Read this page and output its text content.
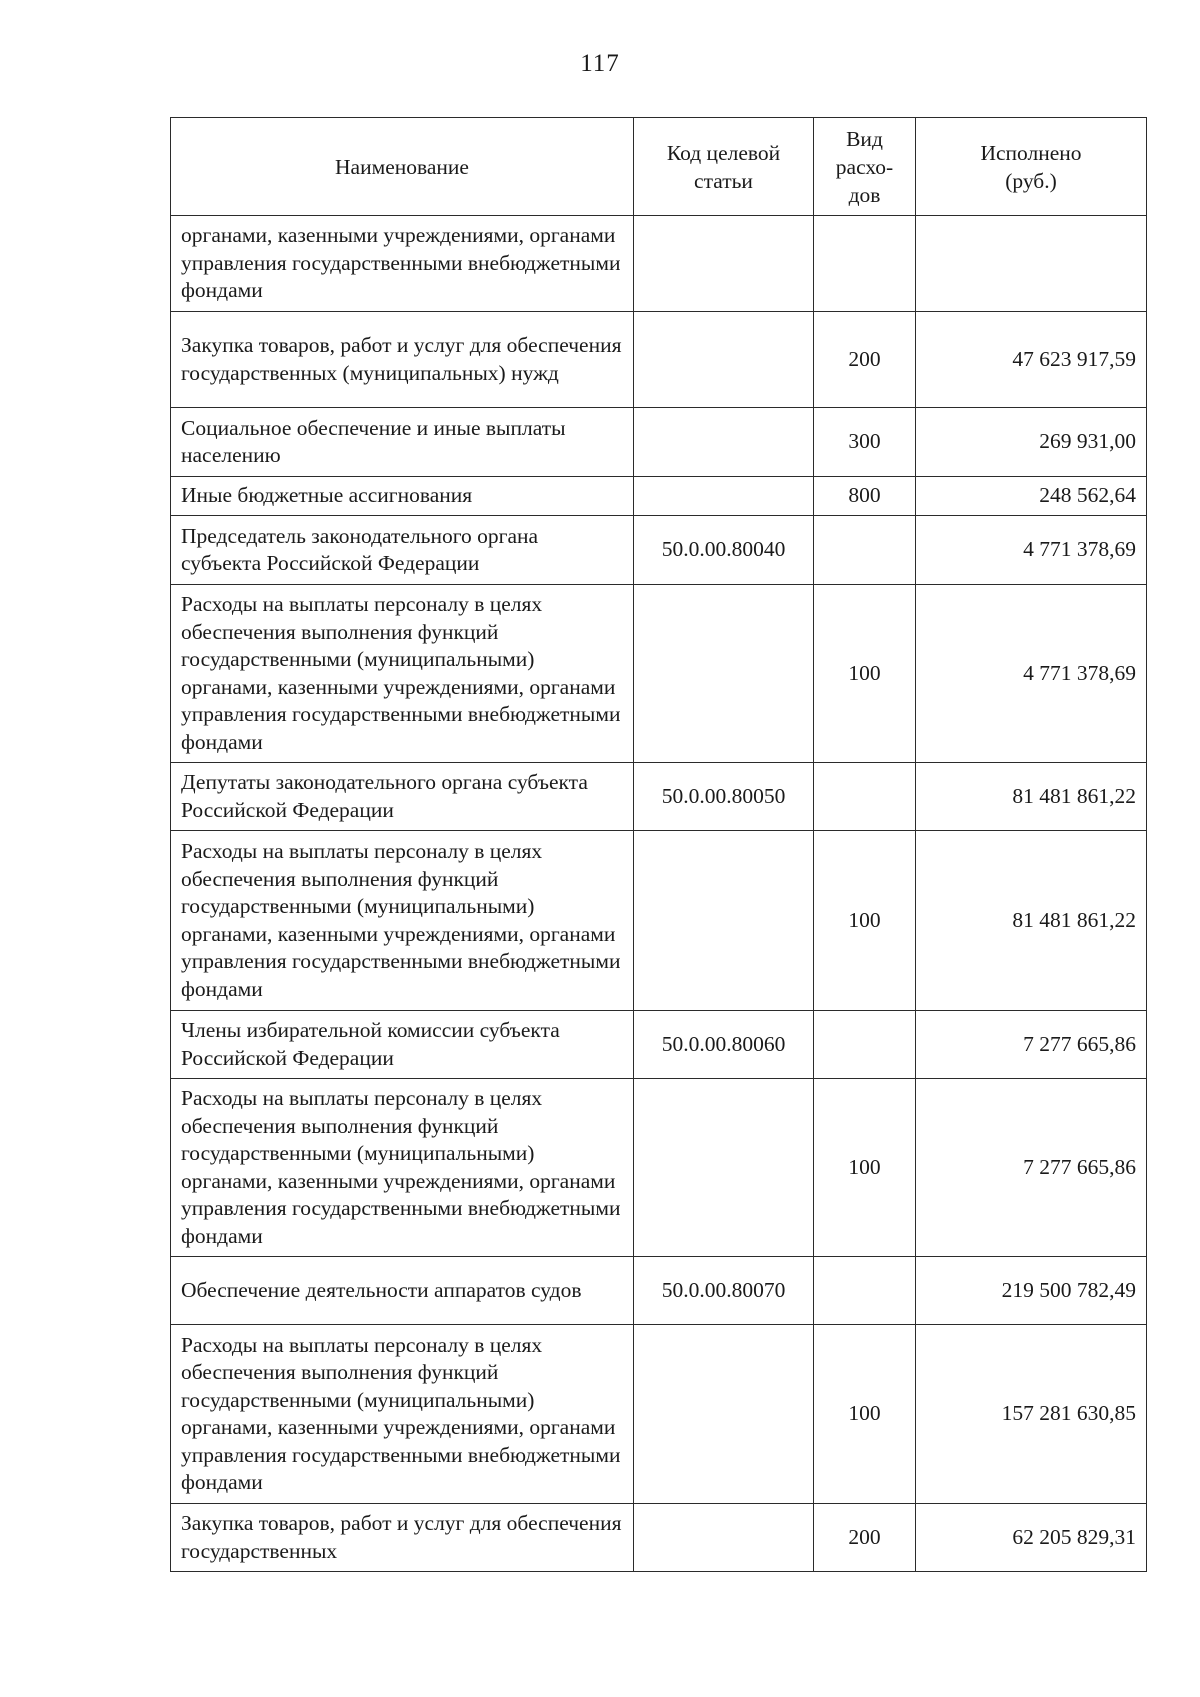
117
Наименование	Код целевой статьи	Вид расхо-дов	Исполнено (руб.)
органами, казенными учреждениями, органами управления государственными внебюджетными фондами			
Закупка товаров, работ и услуг для обеспечения государственных (муниципальных) нужд		200	47 623 917,59
Социальное обеспечение и иные выплаты населению		300	269 931,00
Иные бюджетные ассигнования		800	248 562,64
Председатель законодательного органа субъекта Российской Федерации	50.0.00.80040		4 771 378,69
Расходы на выплаты персоналу в целях обеспечения выполнения функций государственными (муниципальными) органами, казенными учреждениями, органами управления государственными внебюджетными фондами		100	4 771 378,69
Депутаты законодательного органа субъекта Российской Федерации	50.0.00.80050		81 481 861,22
Расходы на выплаты персоналу в целях обеспечения выполнения функций государственными (муниципальными) органами, казенными учреждениями, органами управления государственными внебюджетными фондами		100	81 481 861,22
Члены избирательной комиссии субъекта Российской Федерации	50.0.00.80060		7 277 665,86
Расходы на выплаты персоналу в целях обеспечения выполнения функций государственными (муниципальными) органами, казенными учреждениями, органами управления государственными внебюджетными фондами		100	7 277 665,86
Обеспечение деятельности аппаратов судов	50.0.00.80070		219 500 782,49
Расходы на выплаты персоналу в целях обеспечения выполнения функций государственными (муниципальными) органами, казенными учреждениями, органами управления государственными внебюджетными фондами		100	157 281 630,85
Закупка товаров, работ и услуг для обеспечения государственных		200	62 205 829,31
